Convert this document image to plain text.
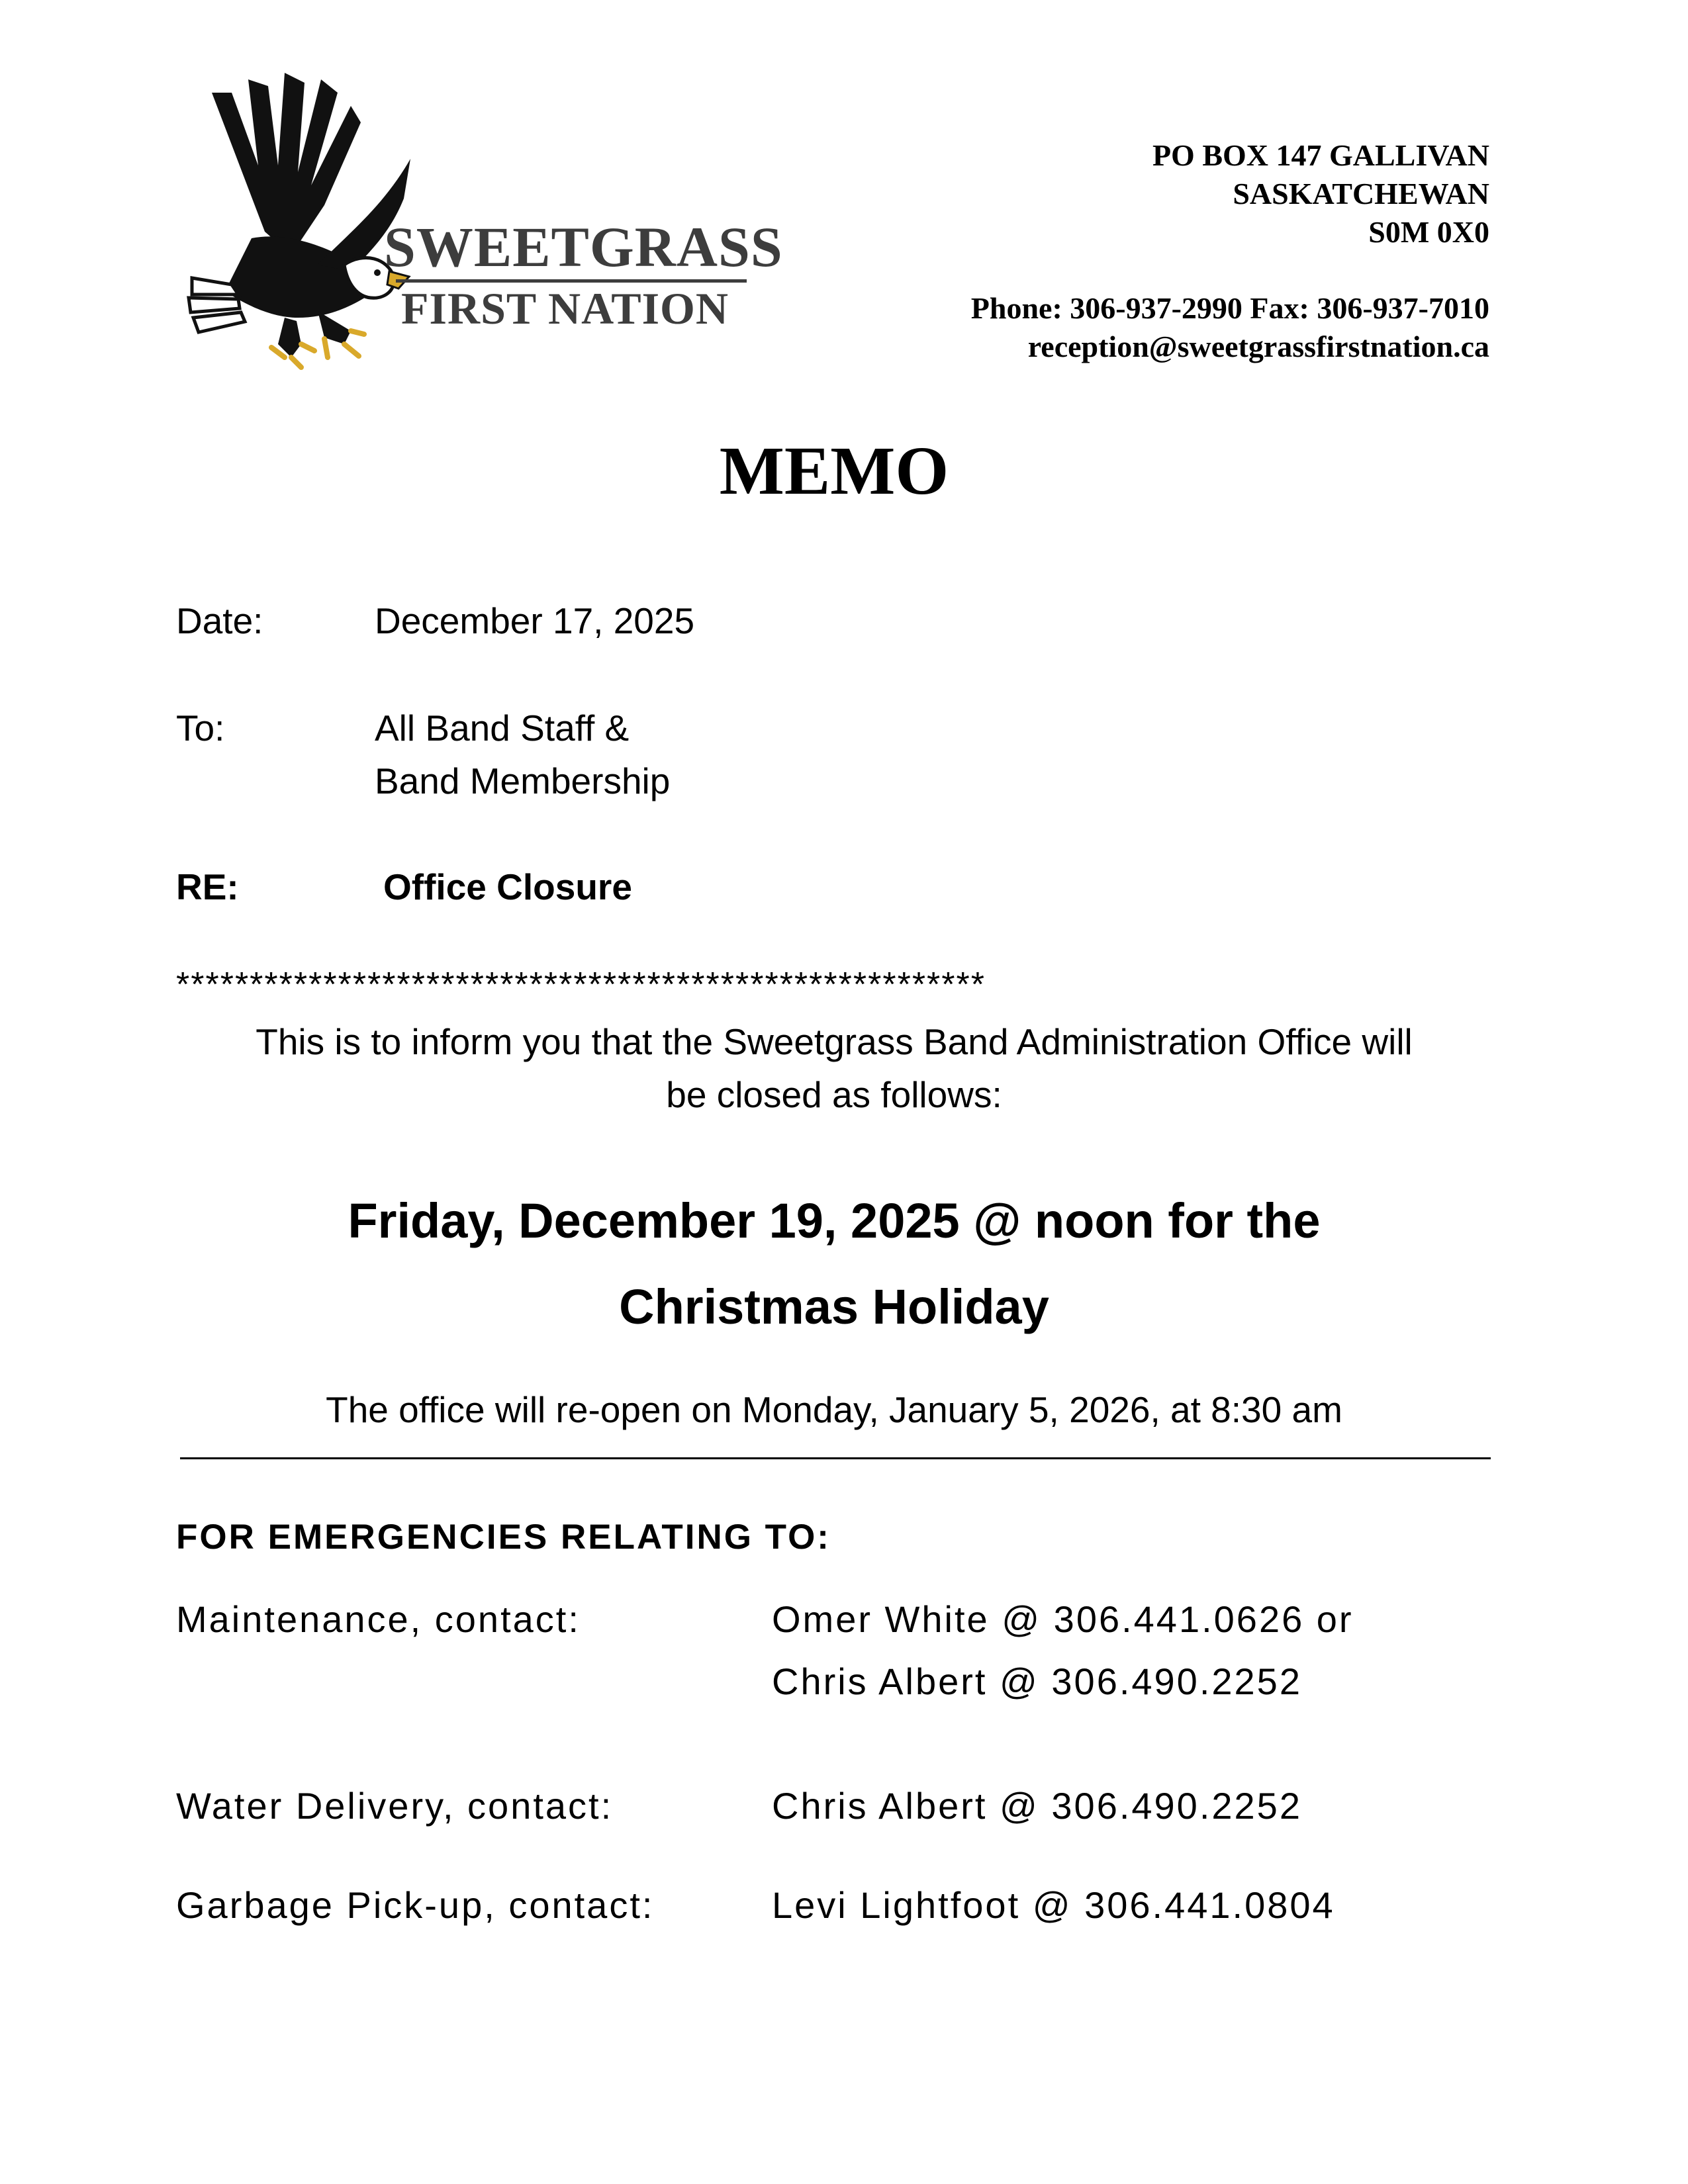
SWEETGRASS
FIRST NATION
PO BOX 147 GALLIVAN
SASKATCHEWAN
S0M 0X0
Phone: 306-937-2990 Fax: 306-937-7010
reception@sweetgrassfirstnation.ca
MEMO
Date:	December 17, 2025
To:	All Band Staff &
Band Membership
RE:	Office Closure
*******************************************************
This is to inform you that the Sweetgrass Band Administration Office will
be closed as follows:
Friday, December 19, 2025 @ noon for the
Christmas Holiday
The office will re-open on Monday, January 5, 2026, at 8:30 am
FOR EMERGENCIES RELATING TO:
Maintenance, contact:	Omer White @ 306.441.0626 or
Chris Albert @ 306.490.2252
Water Delivery, contact:	Chris Albert @ 306.490.2252
Garbage Pick-up, contact:	Levi Lightfoot @ 306.441.0804
